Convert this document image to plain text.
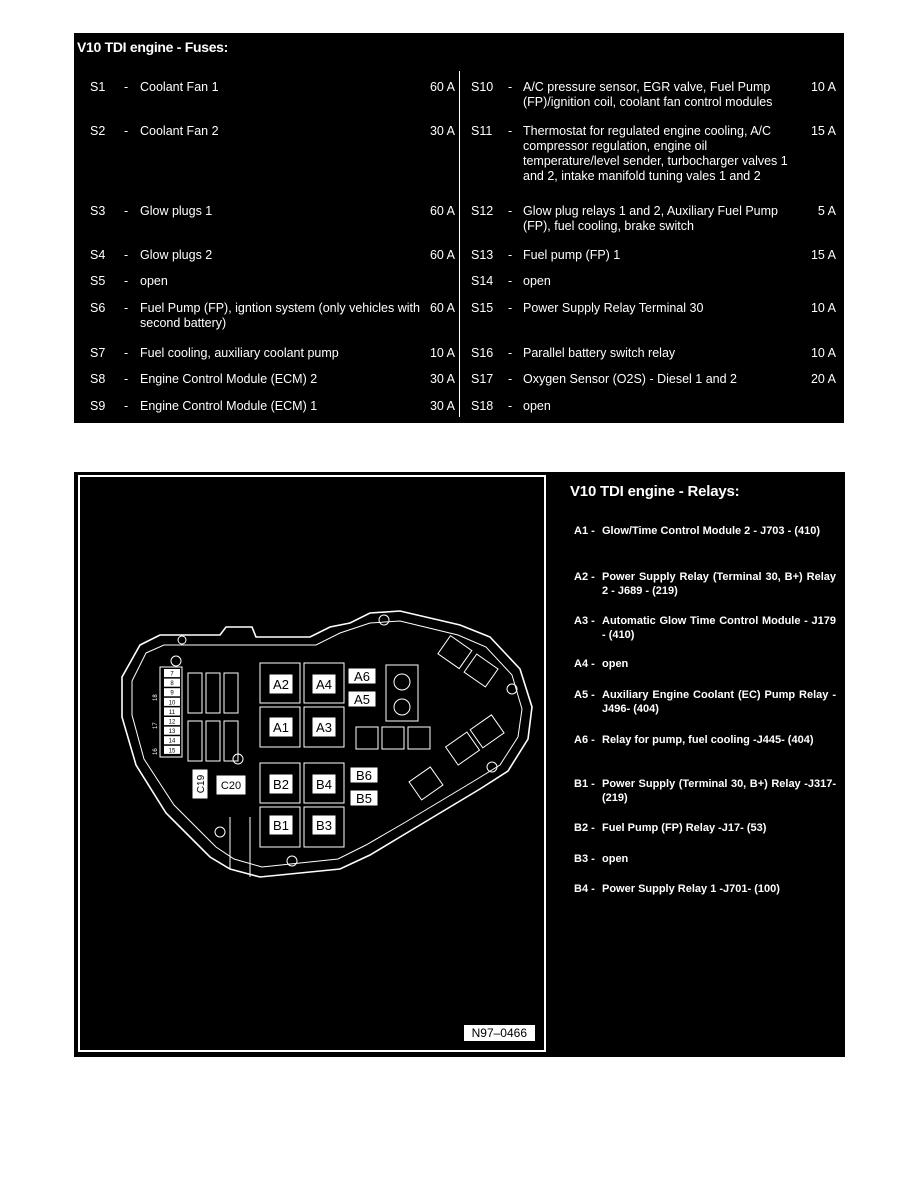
V10 TDI engine - Fuses:
S1 - Coolant Fan 1	60 A
S2 - Coolant Fan 2	30 A
S3 - Glow plugs 1	60 A
S4 - Glow plugs 2	60 A
S5 - open
S6 - Fuel Pump (FP), igntion system (only vehicles with second battery)
60 A
S7 - Fuel cooling, auxiliary coolant pump	10 A
S8 - Engine Control Module (ECM) 2	30 A
S9 - Engine Control Module (ECM) 1	30 A
S10 - A/C pressure sensor, EGR valve, Fuel Pump (FP)/ignition coil, coolant fan control modules
10 A
S11 - Thermostat for regulated engine cooling, A/C compressor regulation, engine oil temperature/level sender, turbocharger valves 1 and 2, intake manifold tuning vales 1 and 2
15 A
S12 - Glow plug relays 1 and 2, Auxiliary Fuel Pump (FP), fuel cooling, brake switch
5 A
S13 - Fuel pump (FP) 1	15 A
S14 - open
S15 - Power Supply Relay Terminal 30	10 A
S16 - Parallel battery switch relay	10 A
S17 - Oxygen Sensor (O2S) - Diesel 1 and 2	20 A
S18 - open
7
8
9
10
11
12
13
14
15
18
17
16
A2 A4
A1 A3
B2 B4
B1 B3
A6
A5
B6
B5
C19 C20
N97–0466
V10 TDI engine - Relays:
A1 - Glow/Time Control Module 2 - J703 - (410)
A2 - Power Supply Relay (Terminal 30, B+) Relay 2 - J689 - (219)
A3 - Automatic Glow Time Control Module - J179 - (410)
A4 - open
A5 - Auxiliary Engine Coolant (EC) Pump Relay -J496- (404)
A6 - Relay for pump, fuel cooling -J445- (404)
B1 - Power Supply (Terminal 30, B+) Relay -J317- (219)
B2 - Fuel Pump (FP) Relay -J17- (53)
B3 - open
B4 - Power Supply Relay 1 -J701- (100)
